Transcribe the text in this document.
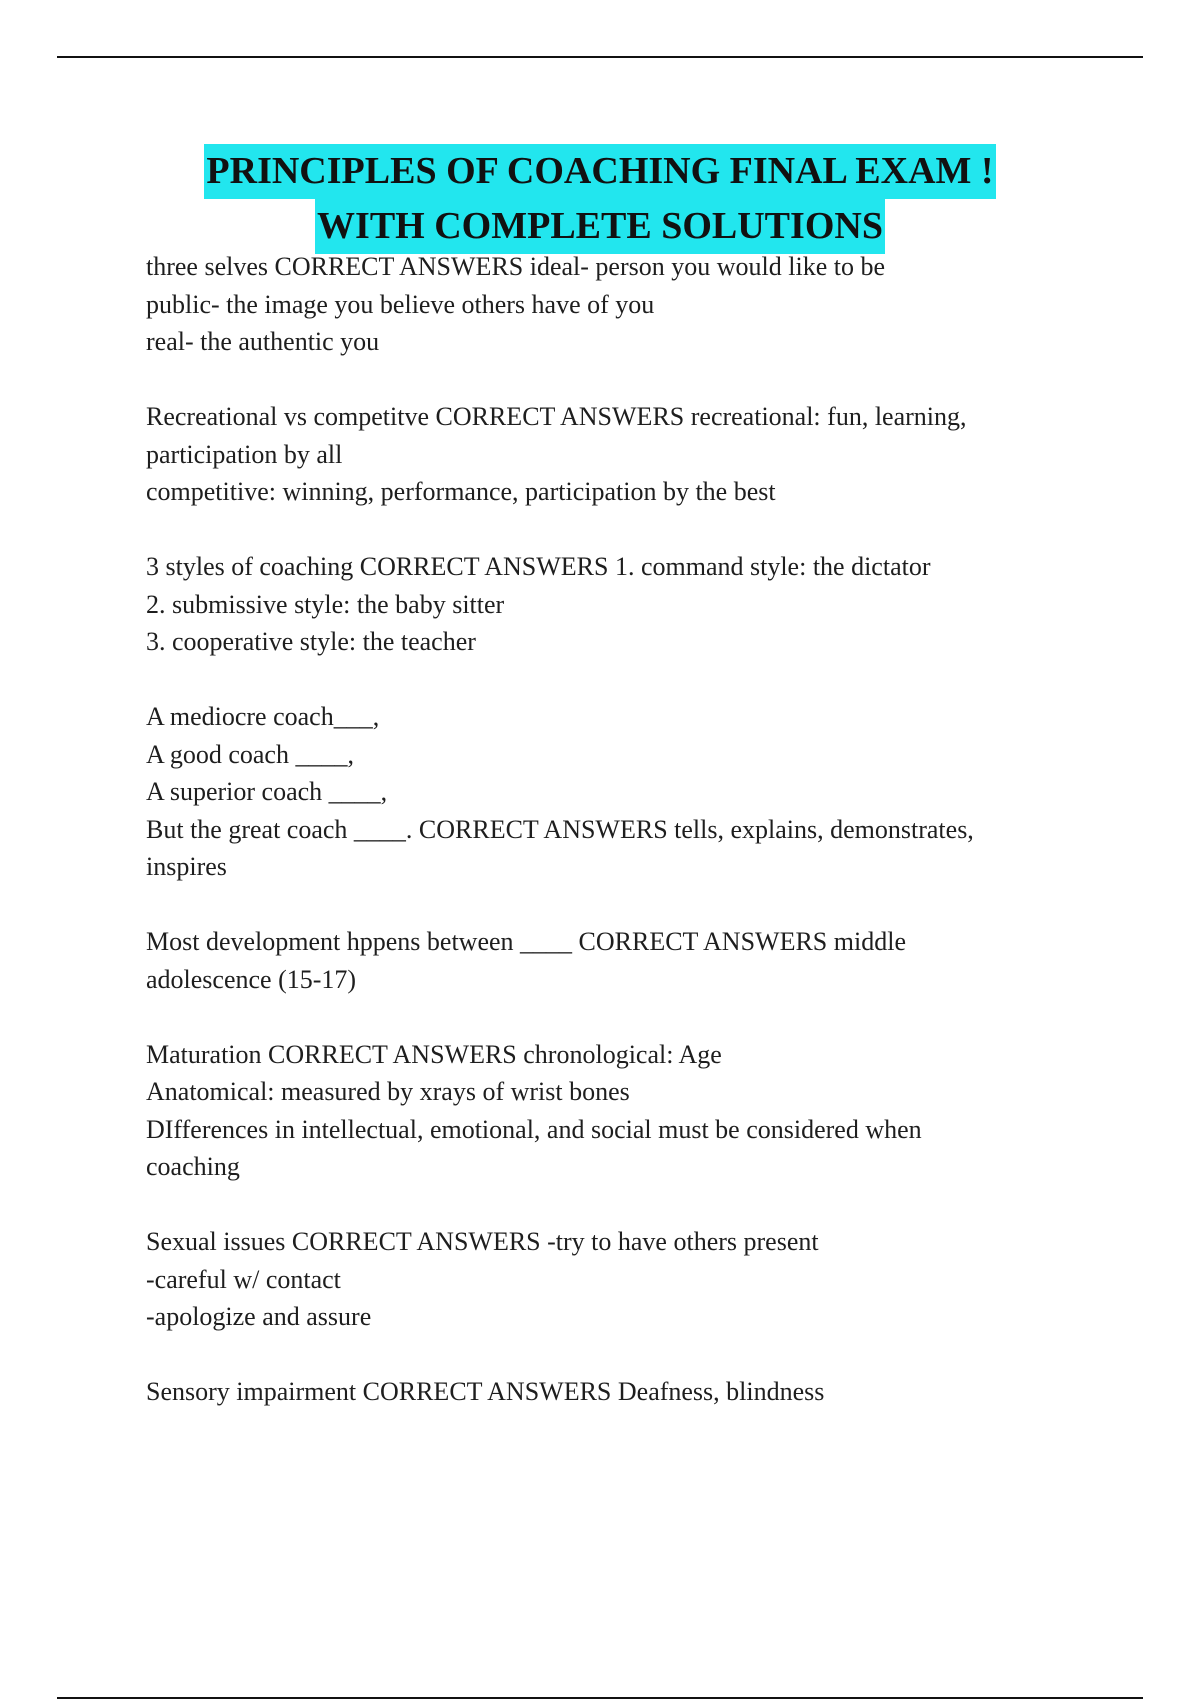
PRINCIPLES OF COACHING FINAL EXAM !
WITH COMPLETE SOLUTIONS
three selves CORRECT ANSWERS ideal- person you would like to be
public- the image you believe others have of you
real- the authentic you
Recreational vs competitve CORRECT ANSWERS recreational: fun, learning,
participation by all
competitive: winning, performance, participation by the best
3 styles of coaching CORRECT ANSWERS 1. command style: the dictator
2. submissive style: the baby sitter
3. cooperative style: the teacher
A mediocre coach___,
A good coach ____,
A superior coach ____,
But the great coach ____. CORRECT ANSWERS tells, explains, demonstrates,
inspires
Most development hppens between ____ CORRECT ANSWERS middle
adolescence (15-17)
Maturation CORRECT ANSWERS chronological: Age
Anatomical: measured by xrays of wrist bones
DIfferences in intellectual, emotional, and social must be considered when
coaching
Sexual issues CORRECT ANSWERS -try to have others present
-careful w/ contact
-apologize and assure
Sensory impairment CORRECT ANSWERS Deafness, blindness
